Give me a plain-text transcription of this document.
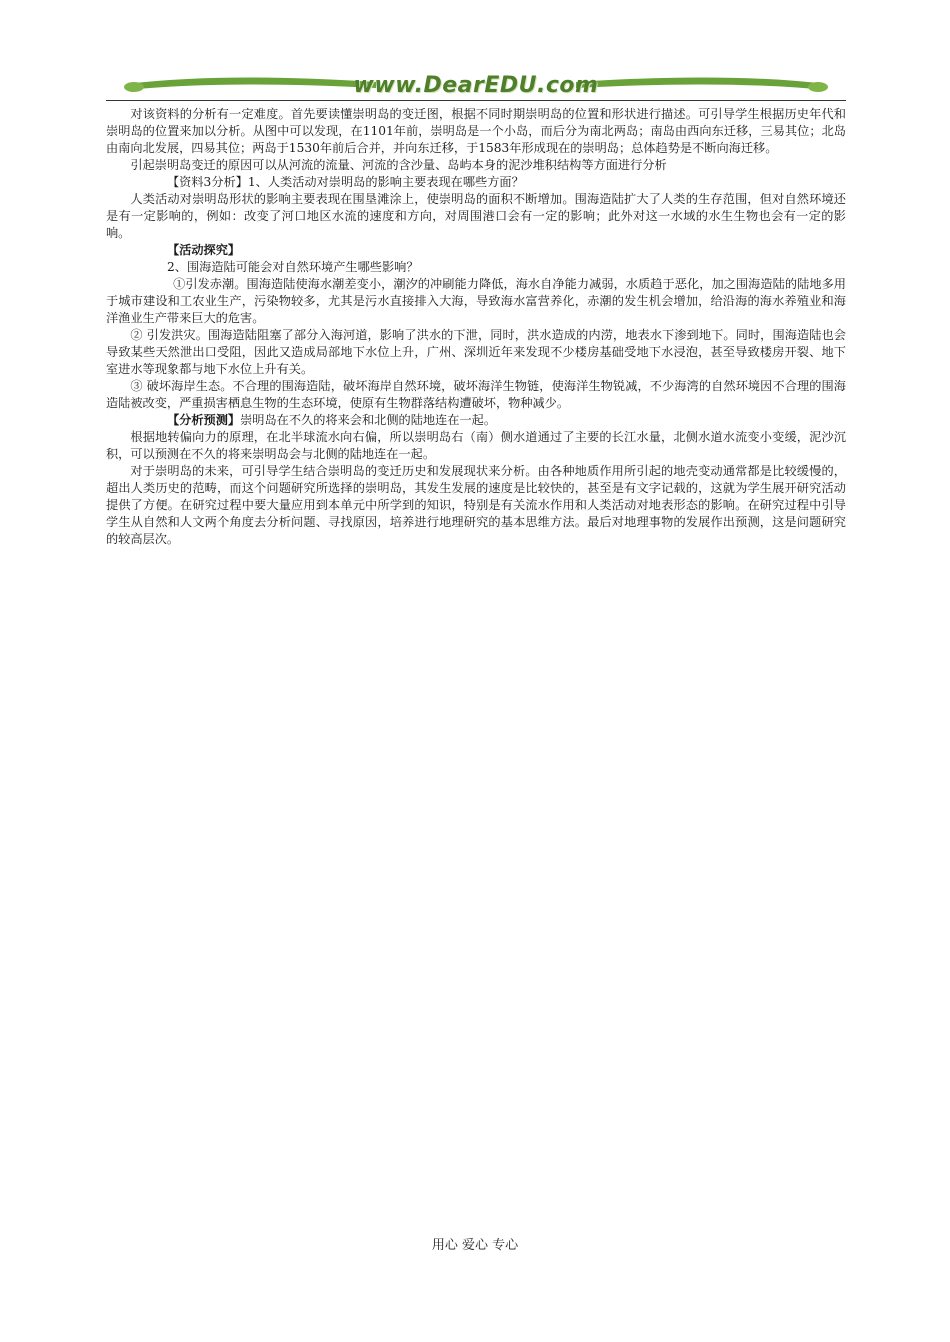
www.DearEDU.com

对该资料的分析有一定难度。首先要读懂崇明岛的变迁图，根据不同时期崇明岛的位置和形状进行描述。可引导学生根据历史年代和崇明岛的位置来加以分析。从图中可以发现，在1101年前，崇明岛是一个小岛，而后分为南北两岛；南岛由西向东迁移，三易其位；北岛由南向北发展，四易其位；两岛于1530年前后合并，并向东迁移，于1583年形成现在的崇明岛；总体趋势是不断向海迁移。

引起崇明岛变迁的原因可以从河流的流量、河流的含沙量、岛屿本身的泥沙堆积结构等方面进行分析

【资料3分析】1、人类活动对崇明岛的影响主要表现在哪些方面？

人类活动对崇明岛形状的影响主要表现在围垦滩涂上，使崇明岛的面积不断增加。围海造陆扩大了人类的生存范围，但对自然环境还是有一定影响的，例如：改变了河口地区水流的速度和方向，对周围港口会有一定的影响；此外对这一水域的水生生物也会有一定的影响。

【活动探究】

2、围海造陆可能会对自然环境产生哪些影响？

①引发赤潮。围海造陆使海水潮差变小，潮汐的冲刷能力降低，海水自净能力减弱，水质趋于恶化，加之围海造陆的陆地多用于城市建设和工农业生产，污染物较多，尤其是污水直接排入大海，导致海水富营养化，赤潮的发生机会增加，给沿海的海水养殖业和海洋渔业生产带来巨大的危害。

② 引发洪灾。围海造陆阻塞了部分入海河道，影响了洪水的下泄，同时，洪水造成的内涝，地表水下渗到地下。同时，围海造陆也会导致某些天然泄出口受阻，因此又造成局部地下水位上升，广州、深圳近年来发现不少楼房基础受地下水浸泡，甚至导致楼房开裂、地下室进水等现象都与地下水位上升有关。

③ 破坏海岸生态。不合理的围海造陆，破坏海岸自然环境，破坏海洋生物链，使海洋生物锐减，不少海湾的自然环境因不合理的围海造陆被改变，严重损害栖息生物的生态环境，使原有生物群落结构遭破坏，物种减少。

【分析预测】崇明岛在不久的将来会和北侧的陆地连在一起。

根据地转偏向力的原理，在北半球流水向右偏，所以崇明岛右（南）侧水道通过了主要的长江水量，北侧水道水流变小变缓，泥沙沉积，可以预测在不久的将来崇明岛会与北侧的陆地连在一起。

对于崇明岛的未来，可引导学生结合崇明岛的变迁历史和发展现状来分析。由各种地质作用所引起的地壳变动通常都是比较缓慢的，超出人类历史的范畴，而这个问题研究所选择的崇明岛，其发生发展的速度是比较快的，甚至是有文字记载的，这就为学生展开研究活动提供了方便。在研究过程中要大量应用到本单元中所学到的知识，特别是有关流水作用和人类活动对地表形态的影响。在研究过程中引导学生从自然和人文两个角度去分析问题、寻找原因，培养进行地理研究的基本思维方法。最后对地理事物的发展作出预测，这是问题研究的较高层次。

用心 爱心 专心
